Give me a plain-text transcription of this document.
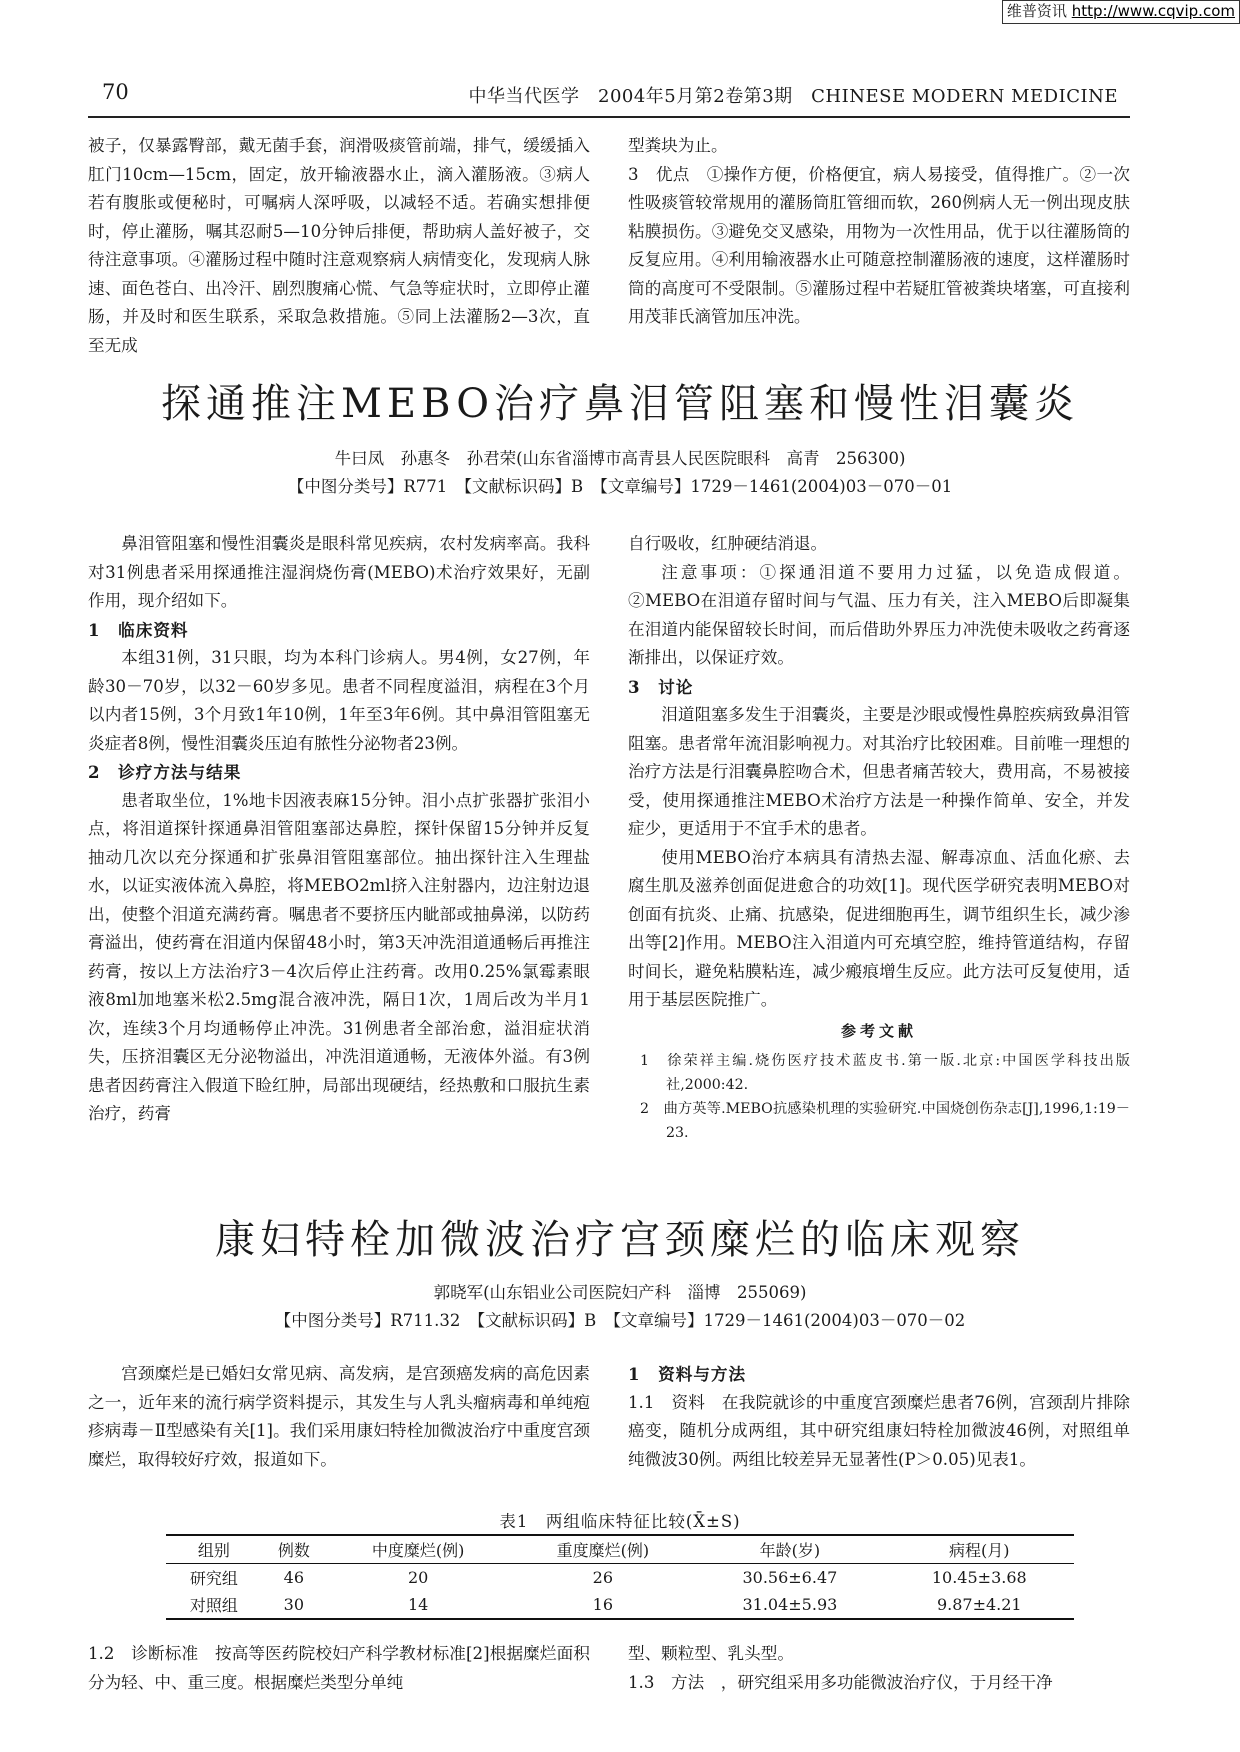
维普资讯 http://www.cqvip.com
70	中华当代医学　2004年5月第2卷第3期　CHINESE MODERN MEDICINE

被子，仅暴露臀部，戴无菌手套，润滑吸痰管前端，排气，缓缓插入肛门10cm—15cm，固定，放开输液器水止，滴入灌肠液。③病人若有腹胀或便秘时，可嘱病人深呼吸，以减轻不适。若确实想排便时，停止灌肠，嘱其忍耐5—10分钟后排便，帮助病人盖好被子，交待注意事项。④灌肠过程中随时注意观察病人病情变化，发现病人脉速、面色苍白、出冷汗、剧烈腹痛心慌、气急等症状时，立即停止灌肠，并及时和医生联系，采取急救措施。⑤同上法灌肠2—3次，直至无成

型粪块为止。

3　优点　①操作方便，价格便宜，病人易接受，值得推广。②一次性吸痰管较常规用的灌肠筒肛管细而软，260例病人无一例出现皮肤粘膜损伤。③避免交叉感染，用物为一次性用品，优于以往灌肠筒的反复应用。④利用输液器水止可随意控制灌肠液的速度，这样灌肠时筒的高度可不受限制。⑤灌肠过程中若疑肛管被粪块堵塞，可直接利用茂菲氏滴管加压冲洗。

探通推注MEBO治疗鼻泪管阻塞和慢性泪囊炎
牛曰凤　孙惠冬　孙君荣(山东省淄博市高青县人民医院眼科　高青　256300)
【中图分类号】R771　【文献标识码】B　【文章编号】1729－1461(2004)03－070－01

鼻泪管阻塞和慢性泪囊炎是眼科常见疾病，农村发病率高。我科对31例患者采用探通推注湿润烧伤膏(MEBO)术治疗效果好，无副作用，现介绍如下。

1　临床资料

本组31例，31只眼，均为本科门诊病人。男4例，女27例，年龄30－70岁，以32－60岁多见。患者不同程度溢泪，病程在3个月以内者15例，3个月致1年10例，1年至3年6例。其中鼻泪管阻塞无炎症者8例，慢性泪囊炎压迫有脓性分泌物者23例。

2　诊疗方法与结果

患者取坐位，1%地卡因液表麻15分钟。泪小点扩张器扩张泪小点，将泪道探针探通鼻泪管阻塞部达鼻腔，探针保留15分钟并反复抽动几次以充分探通和扩张鼻泪管阻塞部位。抽出探针注入生理盐水，以证实液体流入鼻腔，将MEBO2ml挤入注射器内，边注射边退出，使整个泪道充满药膏。嘱患者不要挤压内眦部或抽鼻涕，以防药膏溢出，使药膏在泪道内保留48小时，第3天冲洗泪道通畅后再推注药膏，按以上方法治疗3－4次后停止注药膏。改用0.25%氯霉素眼液8ml加地塞米松2.5mg混合液冲洗，隔日1次，1周后改为半月1次，连续3个月均通畅停止冲洗。31例患者全部治愈，溢泪症状消失，压挤泪囊区无分泌物溢出，冲洗泪道通畅，无液体外溢。有3例患者因药膏注入假道下睑红肿，局部出现硬结，经热敷和口服抗生素治疗，药膏

自行吸收，红肿硬结消退。

注意事项：①探通泪道不要用力过猛，以免造成假道。②MEBO在泪道存留时间与气温、压力有关，注入MEBO后即凝集在泪道内能保留较长时间，而后借助外界压力冲洗使未吸收之药膏逐渐排出，以保证疗效。

3　讨论

泪道阻塞多发生于泪囊炎，主要是沙眼或慢性鼻腔疾病致鼻泪管阻塞。患者常年流泪影响视力。对其治疗比较困难。目前唯一理想的治疗方法是行泪囊鼻腔吻合术，但患者痛苦较大，费用高，不易被接受，使用探通推注MEBO术治疗方法是一种操作简单、安全，并发症少，更适用于不宜手术的患者。

使用MEBO治疗本病具有清热去湿、解毒凉血、活血化瘀、去腐生肌及滋养创面促进愈合的功效[1]。现代医学研究表明MEBO对创面有抗炎、止痛、抗感染，促进细胞再生，调节组织生长，减少渗出等[2]作用。MEBO注入泪道内可充填空腔，维持管道结构，存留时间长，避免粘膜粘连，减少瘢痕增生反应。此方法可反复使用，适用于基层医院推广。

参考文献

1　徐荣祥主编.烧伤医疗技术蓝皮书.第一版.北京:中国医学科技出版社,2000:42.

2　曲方英等.MEBO抗感染机理的实验研究.中国烧创伤杂志[J],1996,1:19－23.

康妇特栓加微波治疗宫颈糜烂的临床观察
郭晓军(山东铝业公司医院妇产科　淄博　255069)
【中图分类号】R711.32　【文献标识码】B　【文章编号】1729－1461(2004)03－070－02

宫颈糜烂是已婚妇女常见病、高发病，是宫颈癌发病的高危因素之一，近年来的流行病学资料提示，其发生与人乳头瘤病毒和单纯疱疹病毒－Ⅱ型感染有关[1]。我们采用康妇特栓加微波治疗中重度宫颈糜烂，取得较好疗效，报道如下。

1　资料与方法

1.1　资料　在我院就诊的中重度宫颈糜烂患者76例，宫颈刮片排除癌变，随机分成两组，其中研究组康妇特栓加微波46例，对照组单纯微波30例。两组比较差异无显著性(P＞0.05)见表1。

表1　两组临床特征比较(X̄±S)
组别	例数	中度糜烂(例)	重度糜烂(例)	年龄(岁)	病程(月)
研究组	46	20	26	30.56±6.47	10.45±3.68
对照组	30	14	16	31.04±5.93	9.87±4.21

1.2　诊断标准　按高等医药院校妇产科学教材标准[2]根据糜烂面积分为轻、中、重三度。根据糜烂类型分单纯

型、颗粒型、乳头型。

1.3　方法　，研究组采用多功能微波治疗仪，于月经干净
